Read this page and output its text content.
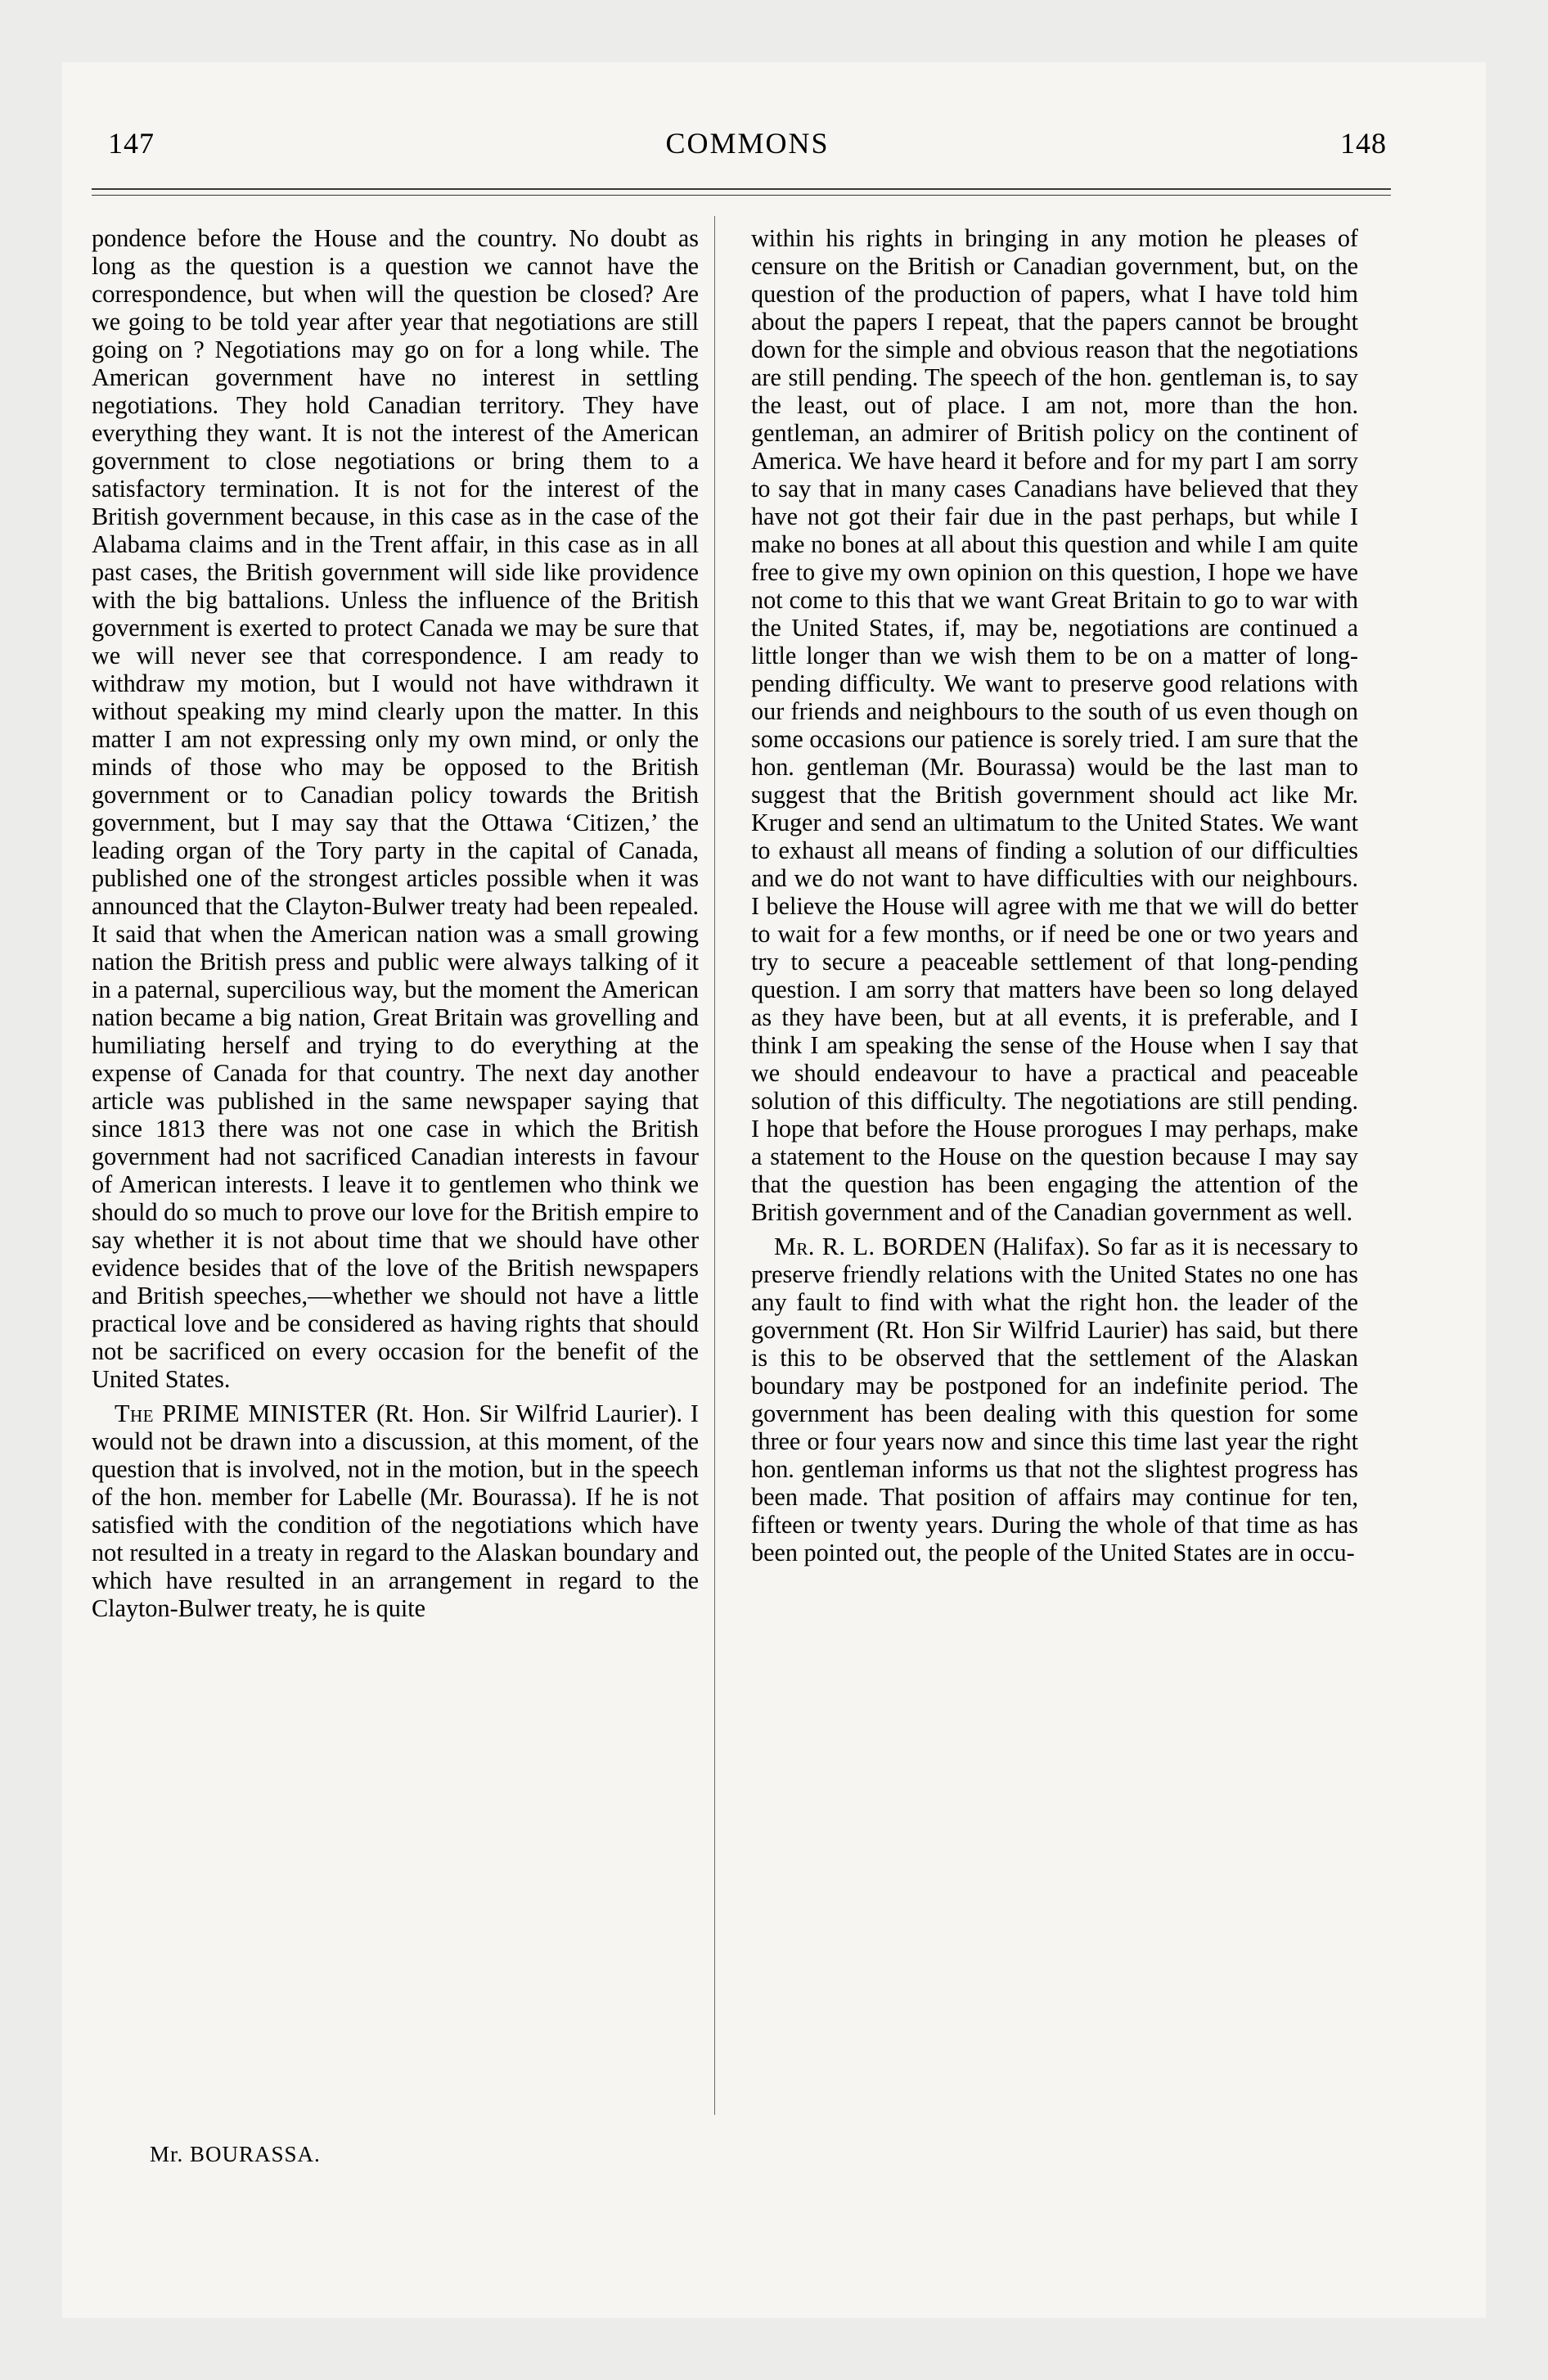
COMMONS
147	148

pondence before the House and the country. No doubt as long as the question is a question we cannot have the correspondence, but when will the question be closed? Are we going to be told year after year that negotiations are still going on ? Negotiations may go on for a long while. The American government have no interest in settling negotiations. They hold Canadian territory. They have everything they want. It is not the interest of the American government to close negotiations or bring them to a satisfactory termination. It is not for the interest of the British government because, in this case as in the case of the Alabama claims and in the Trent affair, in this case as in all past cases, the British government will side like providence with the big battalions. Unless the influence of the British government is exerted to protect Canada we may be sure that we will never see that correspondence. I am ready to withdraw my motion, but I would not have withdrawn it without speaking my mind clearly upon the matter. In this matter I am not expressing only my own mind, or only the minds of those who may be opposed to the British government or to Canadian policy towards the British government, but I may say that the Ottawa ‘Citizen,’ the leading organ of the Tory party in the capital of Canada, published one of the strongest articles possible when it was announced that the Clayton-Bulwer treaty had been repealed. It said that when the American nation was a small growing nation the British press and public were always talking of it in a paternal, supercilious way, but the moment the American nation became a big nation, Great Britain was grovelling and humiliating herself and trying to do everything at the expense of Canada for that country. The next day another article was published in the same newspaper saying that since 1813 there was not one case in which the British government had not sacrificed Canadian interests in favour of American interests. I leave it to gentlemen who think we should do so much to prove our love for the British empire to say whether it is not about time that we should have other evidence besides that of the love of the British newspapers and British speeches,—whether we should not have a little practical love and be considered as having rights that should not be sacrificed on every occasion for the benefit of the United States.

The PRIME MINISTER (Rt. Hon. Sir Wilfrid Laurier). I would not be drawn into a discussion, at this moment, of the question that is involved, not in the motion, but in the speech of the hon. member for Labelle (Mr. Bourassa). If he is not satisfied with the condition of the negotiations which have not resulted in a treaty in regard to the Alaskan boundary and which have resulted in an arrangement in regard to the Clayton-Bulwer treaty, he is quite

within his rights in bringing in any motion he pleases of censure on the British or Canadian government, but, on the question of the production of papers, what I have told him about the papers I repeat, that the papers cannot be brought down for the simple and obvious reason that the negotiations are still pending. The speech of the hon. gentleman is, to say the least, out of place. I am not, more than the hon. gentleman, an admirer of British policy on the continent of America. We have heard it before and for my part I am sorry to say that in many cases Canadians have believed that they have not got their fair due in the past perhaps, but while I make no bones at all about this question and while I am quite free to give my own opinion on this question, I hope we have not come to this that we want Great Britain to go to war with the United States, if, may be, negotiations are continued a little longer than we wish them to be on a matter of long-pending difficulty. We want to preserve good relations with our friends and neighbours to the south of us even though on some occasions our patience is sorely tried. I am sure that the hon. gentleman (Mr. Bourassa) would be the last man to suggest that the British government should act like Mr. Kruger and send an ultimatum to the United States. We want to exhaust all means of finding a solution of our difficulties and we do not want to have difficulties with our neighbours. I believe the House will agree with me that we will do better to wait for a few months, or if need be one or two years and try to secure a peaceable settlement of that long-pending question. I am sorry that matters have been so long delayed as they have been, but at all events, it is preferable, and I think I am speaking the sense of the House when I say that we should endeavour to have a practical and peaceable solution of this difficulty. The negotiations are still pending. I hope that before the House prorogues I may perhaps, make a statement to the House on the question because I may say that the question has been engaging the attention of the British government and of the Canadian government as well.

Mr. R. L. BORDEN (Halifax). So far as it is necessary to preserve friendly relations with the United States no one has any fault to find with what the right hon. the leader of the government (Rt. Hon Sir Wilfrid Laurier) has said, but there is this to be observed that the settlement of the Alaskan boundary may be postponed for an indefinite period. The government has been dealing with this question for some three or four years now and since this time last year the right hon. gentleman informs us that not the slightest progress has been made. That position of affairs may continue for ten, fifteen or twenty years. During the whole of that time as has been pointed out, the people of the United States are in occu-

Mr. BOURASSA.
